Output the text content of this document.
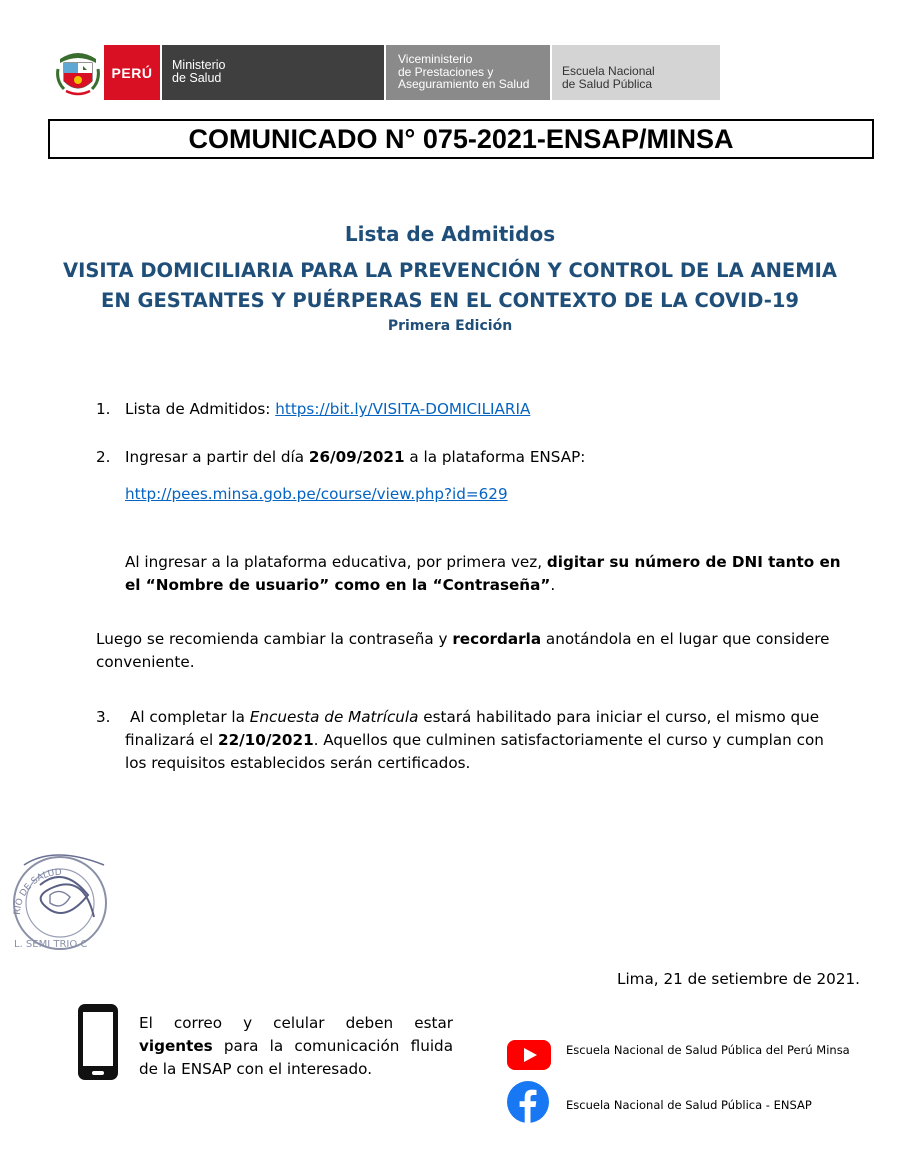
PERÚ	Ministerio
de Salud
Viceministerio
de Prestaciones y
Aseguramiento en Salud
Escuela Nacional
de Salud Pública
COMUNICADO N° 075-2021-ENSAP/MINSA
Lista de Admitidos
VISITA DOMICILIARIA PARA LA PREVENCIÓN Y CONTROL DE LA ANEMIA
EN GESTANTES Y PUÉRPERAS EN EL CONTEXTO DE LA COVID-19
Primera Edición
1. Lista de Admitidos: https://bit.ly/VISITA-DOMICILIARIA
2. Ingresar a partir del día 26/09/2021 a la plataforma ENSAP:
http://pees.minsa.gob.pe/course/view.php?id=629
Al ingresar a la plataforma educativa, por primera vez, digitar su número de DNI tanto en
el “Nombre de usuario” como en la “Contraseña”.
Luego se recomienda cambiar la contraseña y recordarla anotándola en el lugar que considere
conveniente.
3.	Al completar la Encuesta de Matrícula estará habilitado para iniciar el curso, el mismo que
finalizará el 22/10/2021. Aquellos que culminen satisfactoriamente el curso y cumplan con
los requisitos establecidos serán certificados.
RIO DE SALUD
L. SEMI TRIO C
Lima, 21 de setiembre de 2021.
El correo y celular deben estar
vigentes para la comunicación fluida
de la ENSAP con el interesado.
Escuela Nacional de Salud Pública del Perú Minsa
Escuela Nacional de Salud Pública - ENSAP
